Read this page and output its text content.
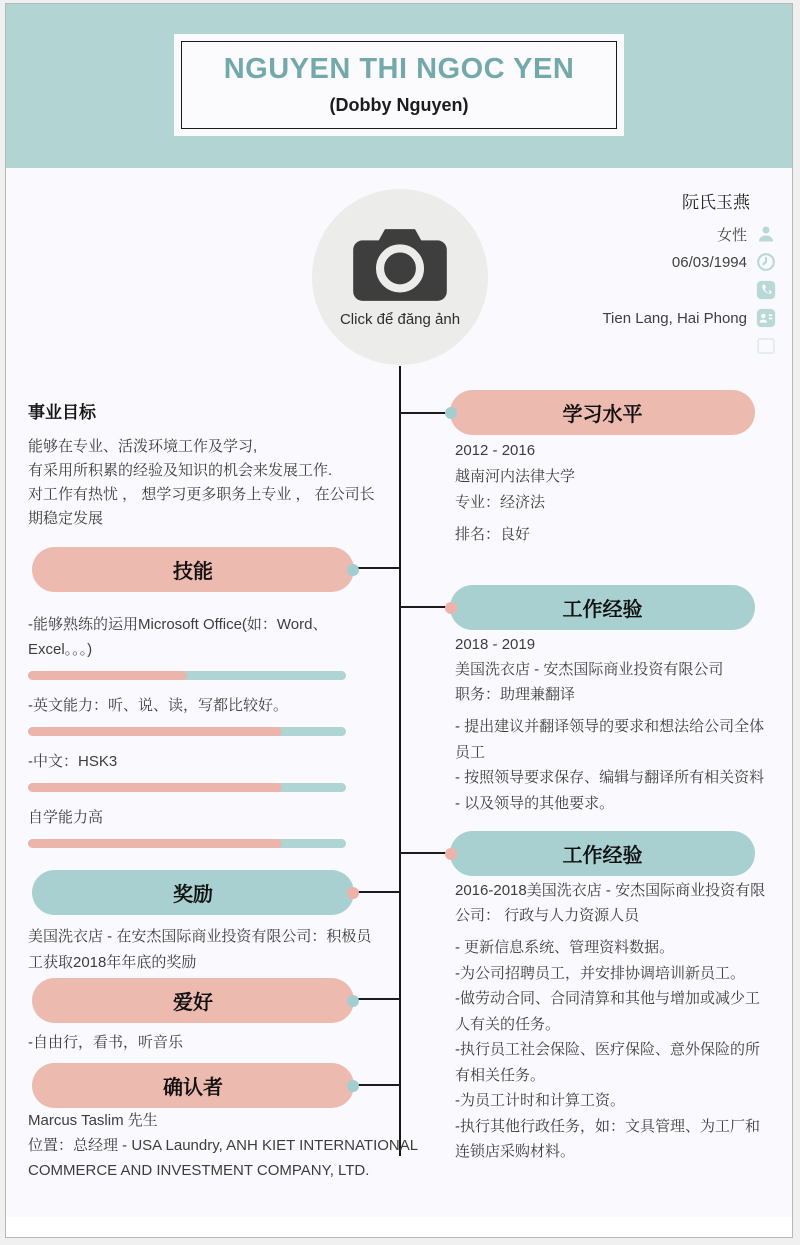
NGUYEN THI NGOC YEN
(Dobby Nguyen)
Click để đăng ảnh
阮氏玉燕
女性
06/03/1994
Tien Lang, Hai Phong
事业目标
能够在专业、活泼环境工作及学习,
有采用所积累的经验及知识的机会来发展工作.
对工作有热忧 ， 想学习更多职务上专业 ， 在公司长期稳定发展
技能
-能够熟练的运用Microsoft Office(如：Word、Excel。。。)
-英文能力：听、说、读，写都比较好。
-中文：HSK3
自学能力高
奖励
美国洗衣店 - 在安杰国际商业投资有限公司：积极员工获取2018年年底的奖励
爱好
-自由行，看书，听音乐
确认者
Marcus Taslim 先生
位置：总经理 - USA Laundry, ANH KIET INTERNATIONAL
COMMERCE AND INVESTMENT COMPANY, LTD.
学习水平
2012 - 2016
越南河内法律大学
专业：经济法
排名：良好
工作经验
2018 - 2019
美国洗衣店 - 安杰国际商业投资有限公司
职务：助理兼翻译
- 提出建议并翻译领导的要求和想法给公司全体员工
- 按照领导要求保存、编辑与翻译所有相关资料
- 以及领导的其他要求。
工作经验
2016-2018美国洗衣店 - 安杰国际商业投资有限公司： 行政与人力资源人员
- 更新信息系统、管理资料数据。
-为公司招聘员工，并安排协调培训新员工。
-做劳动合同、合同清算和其他与增加或减少工人有关的任务。
-执行员工社会保险、医疗保险、意外保险的所有相关任务。
-为员工计时和计算工资。
-执行其他行政任务，如：文具管理、为工厂和连锁店采购材料。
